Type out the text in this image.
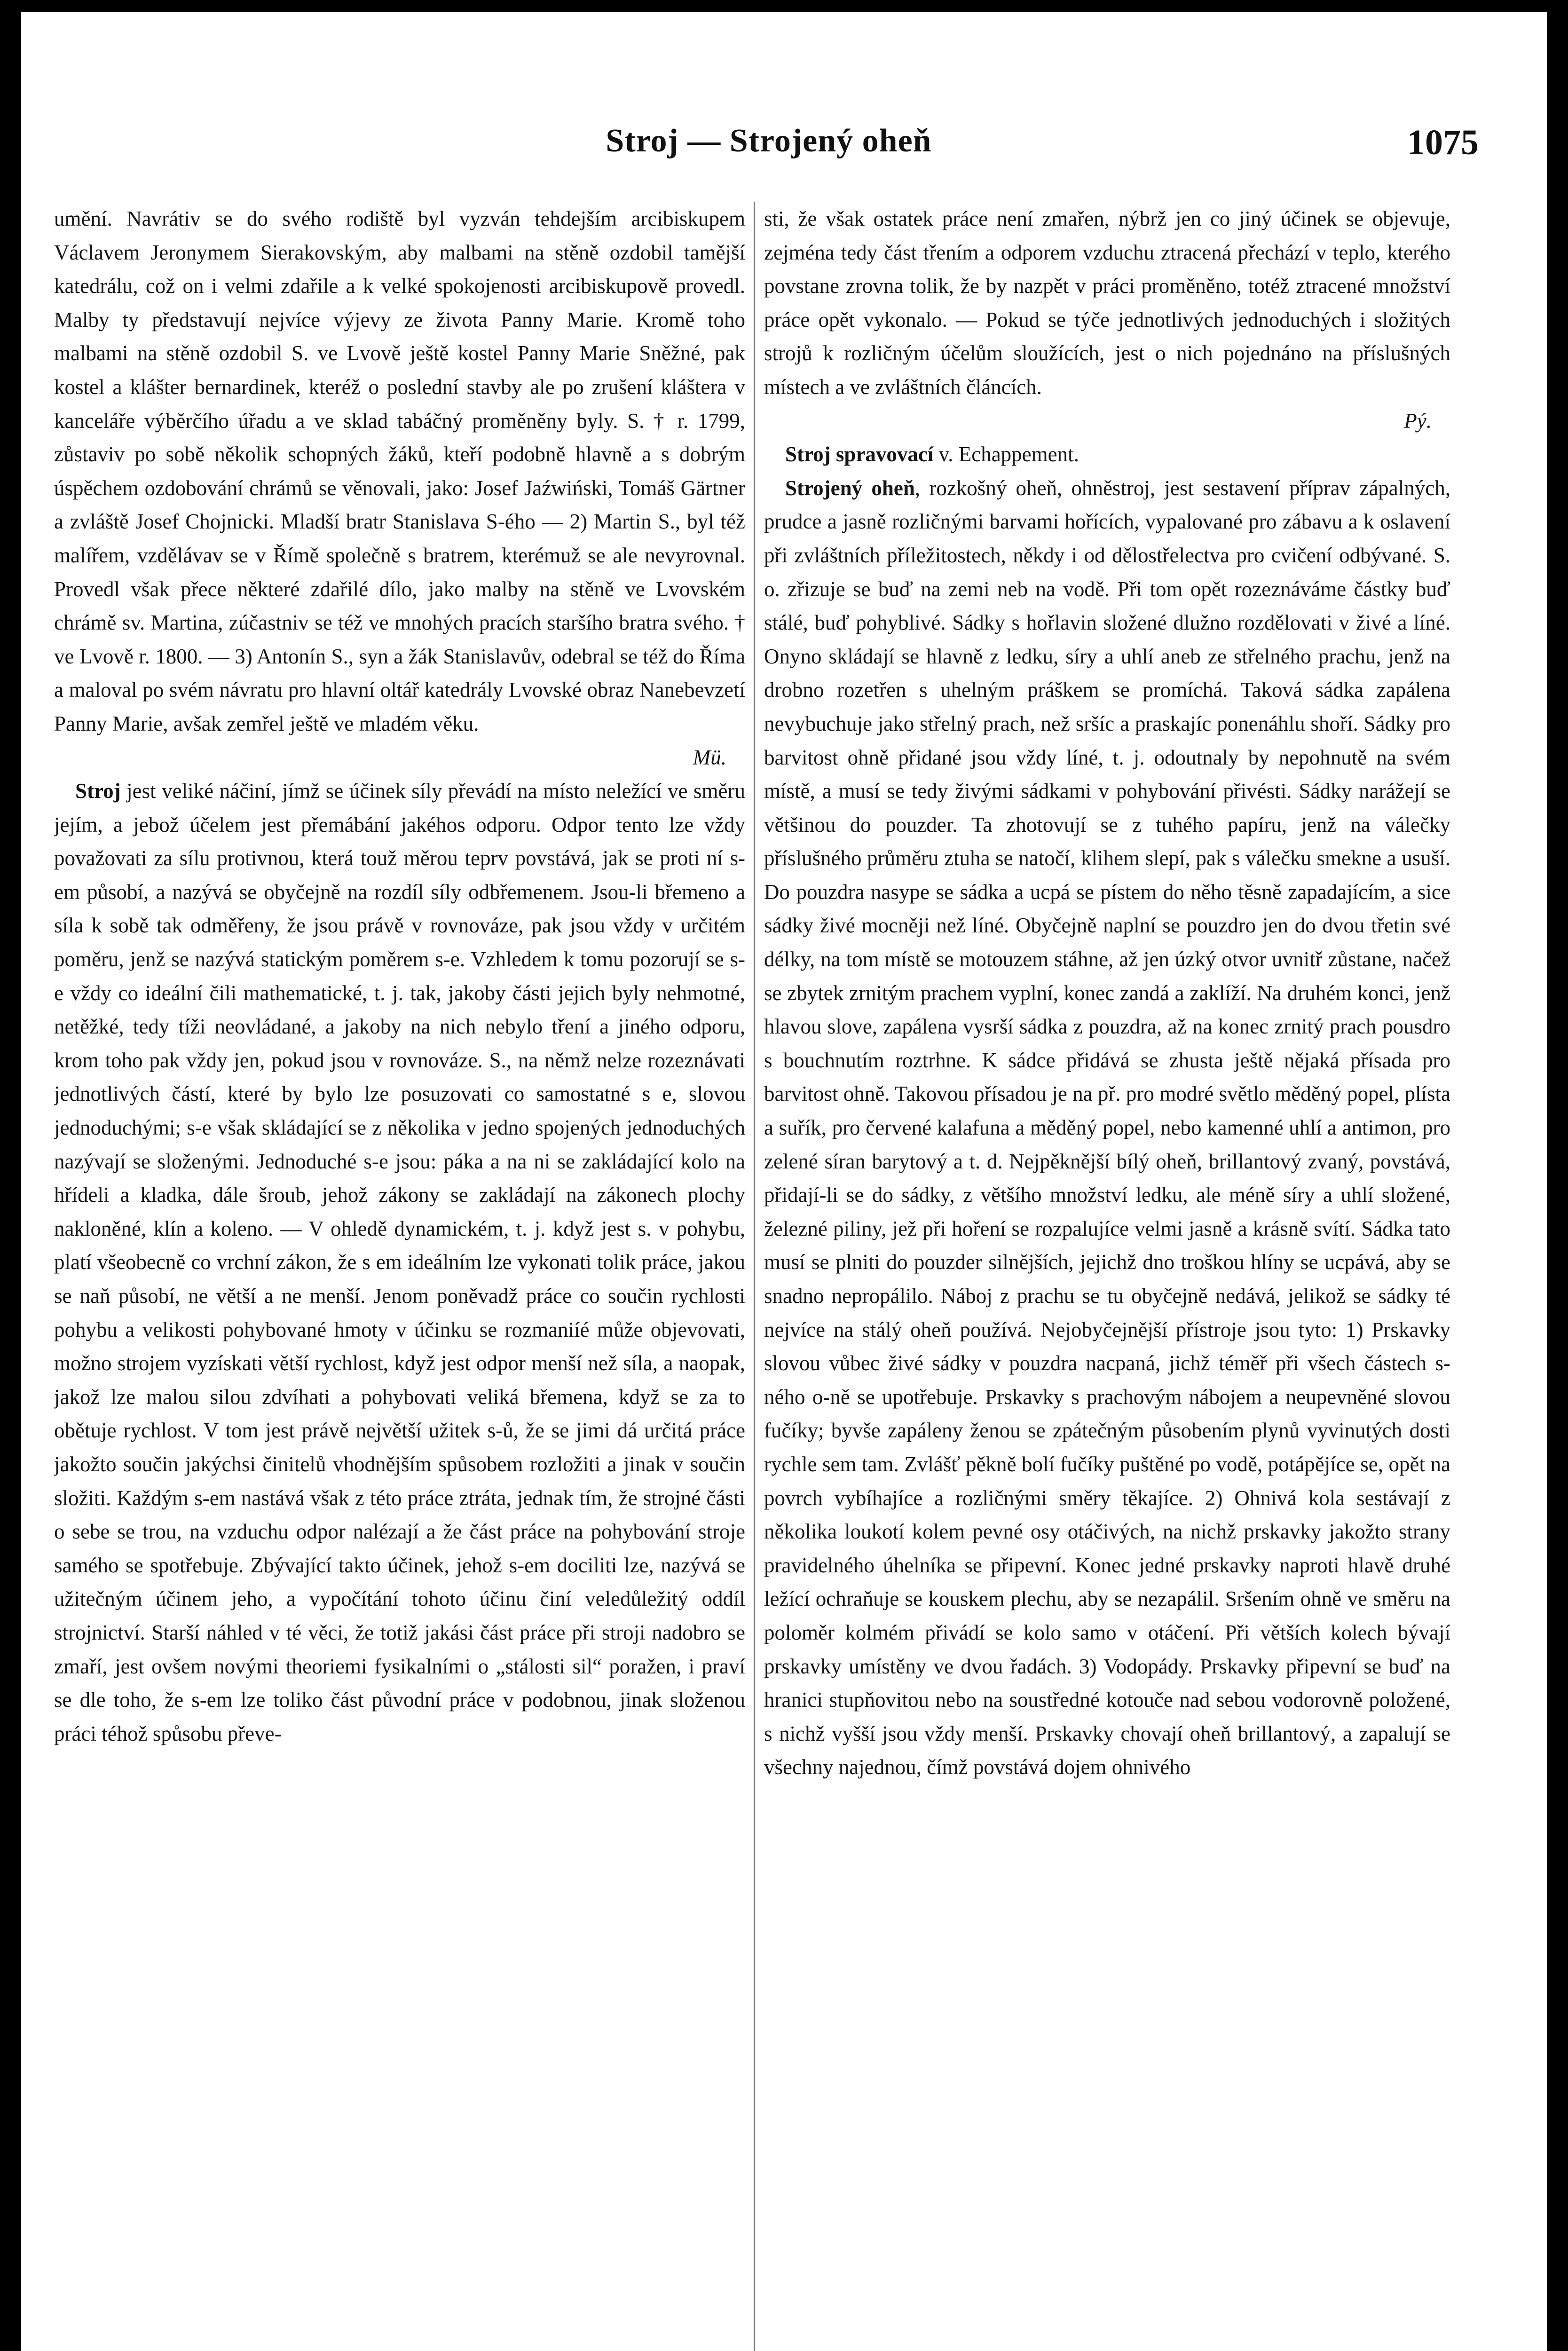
Stroj — Strojený oheň	1075

umění. Navrátiv se do svého rodiště byl vyzván tehdejším arcibiskupem Václavem Jeronymem Sierakovským, aby malbami na stěně ozdobil tamější katedrálu, což on i velmi zdařile a k velké spokojenosti arcibiskupově provedl. Malby ty představují nejvíce výjevy ze života Panny Marie. Kromě toho malbami na stěně ozdobil S. ve Lvově ještě kostel Panny Marie Sněžné, pak kostel a klášter bernardinek, kteréž o poslední stavby ale po zrušení kláštera v kanceláře výběrčího úřadu a ve sklad tabáčný proměněny byly. S. † r. 1799, zůstaviv po sobě několik schopných žáků, kteří podobně hlavně a s dobrým úspěchem ozdobování chrámů se věnovali, jako: Josef Jaźwiński, Tomáš Gärtner a zvláště Josef Chojnicki. Mladší bratr Stanislava S-ého — 2) Martin S., byl též malířem, vzdělávav se v Římě společně s bratrem, kterémuž se ale nevyrovnal. Provedl však přece některé zdařilé dílo, jako malby na stěně ve Lvovském chrámě sv. Martina, zúčastniv se též ve mnohých pracích staršího bratra svého. † ve Lvově r. 1800. — 3) Antonín S., syn a žák Stanislavův, odebral se též do Říma a maloval po svém návratu pro hlavní oltář katedrály Lvovské obraz Nanebevzetí Panny Marie, avšak zemřel ještě ve mladém věku.

Mü.

Stroj jest veliké náčiní, jímž se účinek síly převádí na místo neležící ve směru jejím, a jebož účelem jest přemábání jakéhos odporu. Odpor tento lze vždy považovati za sílu protivnou, která touž měrou teprv povstává, jak se proti ní s-em působí, a nazývá se obyčejně na rozdíl síly odbřemenem. Jsou-li břemeno a síla k sobě tak odměřeny, že jsou právě v rovnováze, pak jsou vždy v určitém poměru, jenž se nazývá statickým poměrem s-e. Vzhledem k tomu pozorují se s-e vždy co ideální čili mathematické, t. j. tak, jakoby části jejich byly nehmotné, netěžké, tedy tíži neovládané, a jakoby na nich nebylo tření a jiného odporu, krom toho pak vždy jen, pokud jsou v rovnováze. S., na němž nelze rozeznávati jednotlivých částí, které by bylo lze posuzovati co samostatné s e, slovou jednoduchými; s-e však skládající se z několika v jedno spojených jednoduchých nazývají se složenými. Jednoduché s-e jsou: páka a na ni se zakládající kolo na hřídeli a kladka, dále šroub, jehož zákony se zakládají na zákonech plochy nakloněné, klín a koleno. — V ohledě dynamickém, t. j. když jest s. v pohybu, platí všeobecně co vrchní zákon, že s em ideálním lze vykonati tolik práce, jakou se naň působí, ne větší a ne menší. Jenom poněvadž práce co součin rychlosti pohybu a velikosti pohybované hmoty v účinku se rozmaniíé může objevovati, možno strojem vyzískati větší rychlost, když jest odpor menší než síla, a naopak, jakož lze malou silou zdvíhati a pohybovati veliká břemena, když se za to obětuje rychlost. V tom jest právě největší užitek s-ů, že se jimi dá určitá práce jakožto součin jakýchsi činitelů vhodnějším spůsobem rozložiti a jinak v součin složiti. Každým s-em nastává však z této práce ztráta, jednak tím, že strojné části o sebe se trou, na vzduchu odpor nalézají a že část práce na pohybování stroje samého se spotřebuje. Zbývající takto účinek, jehož s-em dociliti lze, nazývá se užitečným účinem jeho, a vypočítání tohoto účinu činí veledůležitý oddíl strojnictví. Starší náhled v té věci, že totiž jakási část práce při stroji nadobro se zmaří, jest ovšem novými theoriemi fysikalními o „stálosti sil“ poražen, i praví se dle toho, že s-em lze toliko část původní práce v podobnou, jinak složenou práci téhož spůsobu převe-

sti, že však ostatek práce není zmařen, nýbrž jen co jiný účinek se objevuje, zejména tedy část třením a odporem vzduchu ztracená přechází v teplo, kterého povstane zrovna tolik, že by nazpět v práci proměněno, totéž ztracené množství práce opět vykonalo. — Pokud se týče jednotlivých jednoduchých i složitých strojů k rozličným účelům sloužících, jest o nich pojednáno na příslušných místech a ve zvláštních článcích.

Pý.

Stroj spravovací v. Echappement.

Strojený oheň, rozkošný oheň, ohněstroj, jest sestavení příprav zápalných, prudce a jasně rozličnými barvami hořících, vypalované pro zábavu a k oslavení při zvláštních příležitostech, někdy i od dělostřelectva pro cvičení odbývané. S. o. zřizuje se buď na zemi neb na vodě. Při tom opět rozeznáváme částky buď stálé, buď pohyblivé. Sádky s hořlavin složené dlužno rozdělovati v živé a líné. Onyno skládají se hlavně z ledku, síry a uhlí aneb ze střelného prachu, jenž na drobno rozetřen s uhelným práškem se promíchá. Taková sádka zapálena nevybuchuje jako střelný prach, než sršíc a praskajíc ponenáhlu shoří. Sádky pro barvitost ohně přidané jsou vždy líné, t. j. odoutnaly by nepohnutě na svém místě, a musí se tedy živými sádkami v pohybování přivésti. Sádky narážejí se většinou do pouzder. Ta zhotovují se z tuhého papíru, jenž na válečky příslušného průměru ztuha se natočí, klihem slepí, pak s válečku smekne a usuší. Do pouzdra nasype se sádka a ucpá se pístem do něho těsně zapadajícím, a sice sádky živé mocněji než líné. Obyčejně naplní se pouzdro jen do dvou třetin své délky, na tom místě se motouzem stáhne, až jen úzký otvor uvnitř zůstane, načež se zbytek zrnitým prachem vyplní, konec zandá a zaklíží. Na druhém konci, jenž hlavou slove, zapálena vysrší sádka z pouzdra, až na konec zrnitý prach pousdro s bouchnutím roztrhne. K sádce přidává se zhusta ještě nějaká přísada pro barvitost ohně. Takovou přísadou je na př. pro modré světlo měděný popel, plísta a suřík, pro červené kalafuna a měděný popel, nebo kamenné uhlí a antimon, pro zelené síran barytový a t. d. Nejpěknější bílý oheň, brillantový zvaný, povstává, přidají-li se do sádky, z většího množství ledku, ale méně síry a uhlí složené, železné piliny, jež při hoření se rozpalujíce velmi jasně a krásně svítí. Sádka tato musí se plniti do pouzder silnějších, jejichž dno troškou hlíny se ucpává, aby se snadno nepropálilo. Náboj z prachu se tu obyčejně nedává, jelikož se sádky té nejvíce na stálý oheň používá. Nejobyčejnější přístroje jsou tyto: 1) Prskavky slovou vůbec živé sádky v pouzdra nacpaná, jichž téměř při všech částech s-ného o-ně se upotřebuje. Prskavky s prachovým nábojem a neupevněné slovou fučíky; byvše zapáleny ženou se zpátečným působením plynů vyvinutých dosti rychle sem tam. Zvlášť pěkně bolí fučíky puštěné po vodě, potápějíce se, opět na povrch vybíhajíce a rozličnými směry těkajíce. 2) Ohnivá kola sestávají z několika loukotí kolem pevné osy otáčivých, na nichž prskavky jakožto strany pravidelného úhelníka se připevní. Konec jedné prskavky naproti hlavě druhé ležící ochraňuje se kouskem plechu, aby se nezapálil. Sršením ohně ve směru na poloměr kolmém přivádí se kolo samo v otáčení. Při větších kolech bývají prskavky umístěny ve dvou řadách. 3) Vodopády. Prskavky připevní se buď na hranici stupňovitou nebo na soustředné kotouče nad sebou vodorovně položené, s nichž vyšší jsou vždy menší. Prskavky chovají oheň brillantový, a zapalují se všechny najednou, čímž povstává dojem ohnivého
